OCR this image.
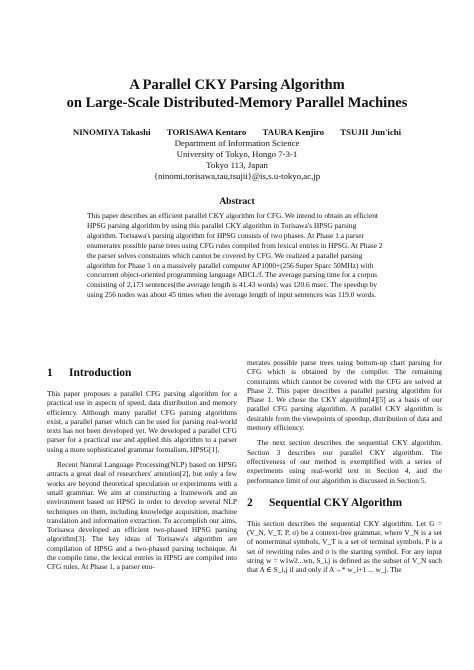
A Parallel CKY Parsing Algorithm
on Large-Scale Distributed-Memory Parallel Machines
NINOMIYA Takashi TORISAWA Kentaro TAURA Kenjiro TSUJII Jun'ichi
Department of Information Science
University of Tokyo, Hongo 7-3-1
Tokyo 113, Japan
{ninomi,torisawa,tau,tsujii}@is,s.u-tokyo,ac,jp
Abstract

This paper describes an efficient parallel CKY algorithm for CFG. We intend to obtain an efficient HPSG parsing algorithm by using this parallel CKY algorithm in Torisawa's HPSG parsing algorithm. Torisawa's parsing algorithm for HPSG consists of two phases. At Phase 1 a parser enumerates possible parse trees using CFG rules compiled from lexical entries in HPSG. At Phase 2 the parser solves constraints which cannot be covered by CFG. We realized a parallel parsing algorithm for Phase 1 on a massively parallel computer AP1000+(256 Super Sparc 50MHz) with concurrent object-oriented programming language ABCL/f. The average parsing time for a corpus consisting of 2,173 sentences(the average length is 41.43 words) was 120.6 msec. The speedup by using 256 nodes was about 45 times when the average length of input sentences was 119.0 words.

1 Introduction

This paper proposes a parallel CFG parsing algorithm for a practical use in aspects of speed, data distribution and memory efficiency. Although many parallel CFG parsing algorithms exist, a parallel parser which can be used for parsing real-world texts has not been developed yet. We developed a parallel CFG parser for a practical use and applied this algorithm to a parser using a more sophisticated grammar formalism, HPSG[1].

Recent Natural Language Processing(NLP) based on HPSG attracts a great deal of researchers' attention[2], but only a few works are beyond theoretical speculation or experiments with a small grammar. We aim at constructing a framework and an environment based on HPSG in order to develop several NLP techniques on them, including knowledge acquisition, machine translation and information extraction. To accomplish our aims, Torisawa developed an efficient two-phased HPSG parsing algorithm[3]. The key ideas of Torisawa's algorithm are compilation of HPSG and a two-phased parsing technique. At the compile time, the lexical entries in HPSG are compiled into CFG rules. At Phase 1, a parser enu-

merates possible parse trees using bottom-up chart parsing for CFG which is obtained by the compiler. The remaining constraints which cannot be covered with the CFG are solved at Phase 2. This paper describes a parallel parsing algorithm for Phase 1. We chose the CKY algorithm[4][5] as a basis of our parallel CFG parsing algorithm. A parallel CKY algorithm is desirable from the viewpoints of speedup, distribution of data and memory efficiency.

The next section describes the sequential CKY algorithm. Section 3 describes our parallel CKY algorithm. The effectiveness of our method is exemplified with a series of experiments using real-world text in Section 4, and the performance limit of our algorithm is discussed in Section 5.

2 Sequential CKY Algorithm

This section describes the sequential CKY algorithm. Let G = (V_N, V_T, P, σ) be a context-free grammar, where V_N is a set of nonterminal symbols, V_T is a set of terminal symbols, P is a set of rewriting rules and σ is the starting symbol. For any input string w = w1w2...wn, S_i,j is defined as the subset of V_N such that A ∈ S_i,j if and only if A→* w_i+1 ... w_j. The
